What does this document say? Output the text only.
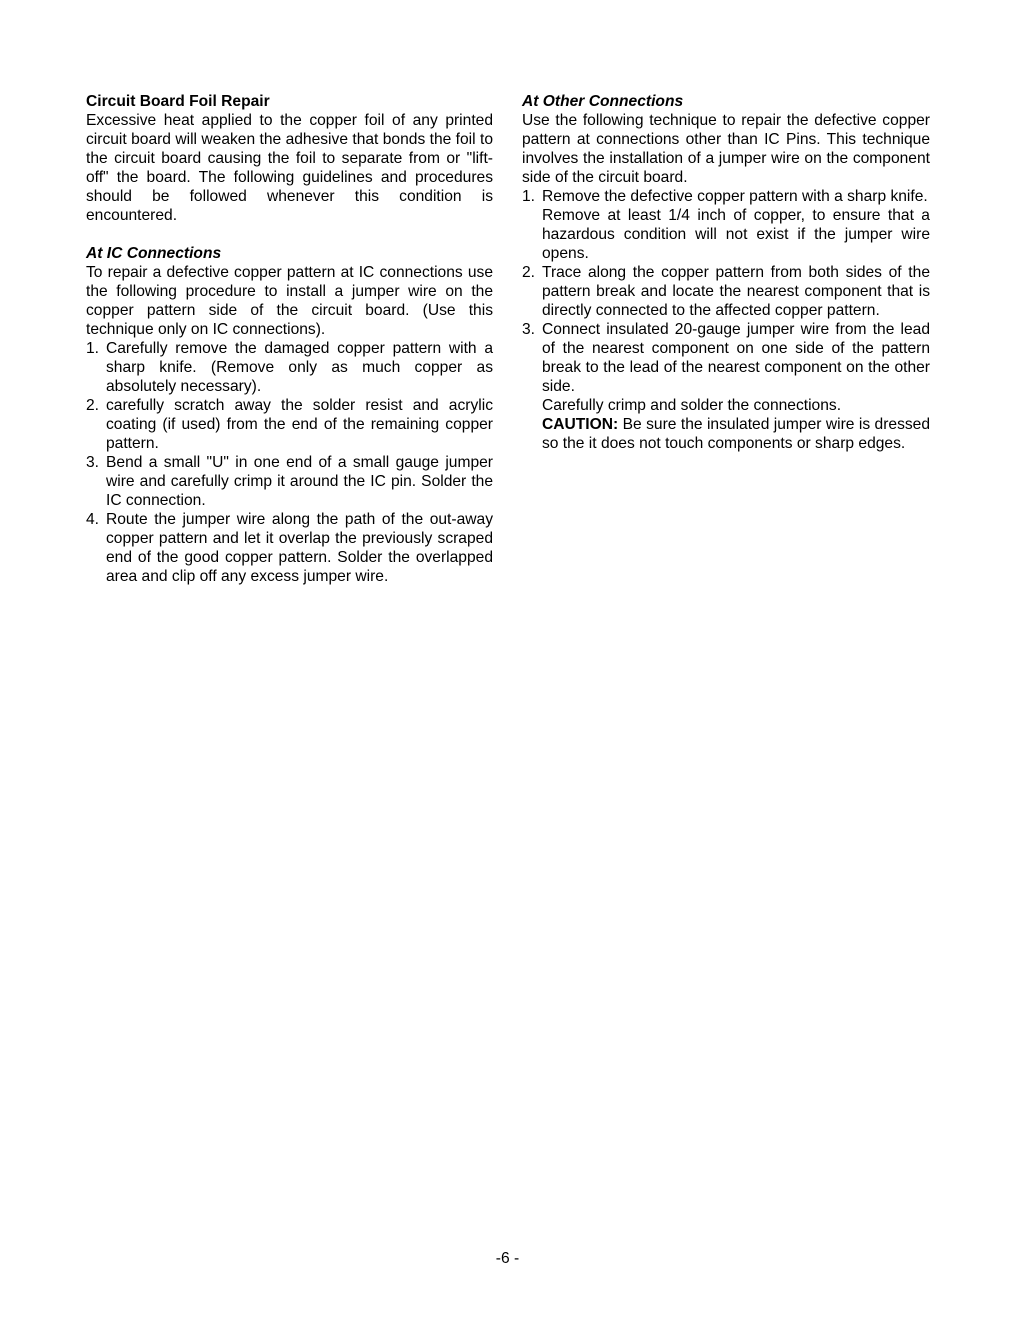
Circuit Board Foil Repair

Excessive heat applied to the copper foil of any printed circuit board will weaken the adhesive that bonds the foil to the circuit board causing the foil to separate from or "lift-off" the board. The following guidelines and procedures should be followed whenever this condition is encountered.

At IC Connections

To repair a defective copper pattern at IC connections use the following procedure to install a jumper wire on the copper pattern side of the circuit board. (Use this technique only on IC connections).

1. Carefully remove the damaged copper pattern with a sharp knife. (Remove only as much copper as absolutely necessary).

2. carefully scratch away the solder resist and acrylic coating (if used) from the end of the remaining copper pattern.

3. Bend a small "U" in one end of a small gauge jumper wire and carefully crimp it around the IC pin. Solder the IC connection.

4. Route the jumper wire along the path of the out-away copper pattern and let it overlap the previously scraped end of the good copper pattern. Solder the overlapped area and clip off any excess jumper wire.

At Other Connections

Use the following technique to repair the defective copper pattern at connections other than IC Pins. This technique involves the installation of a jumper wire on the component side of the circuit board.

1. Remove the defective copper pattern with a sharp knife.

Remove at least 1/4 inch of copper, to ensure that a hazardous condition will not exist if the jumper wire opens.

2. Trace along the copper pattern from both sides of the pattern break and locate the nearest component that is directly connected to the affected copper pattern.

3. Connect insulated 20-gauge jumper wire from the lead of the nearest component on one side of the pattern break to the lead of the nearest component on the other side.

Carefully crimp and solder the connections.

CAUTION: Be sure the insulated jumper wire is dressed so the it does not touch components or sharp edges.

-6 -
